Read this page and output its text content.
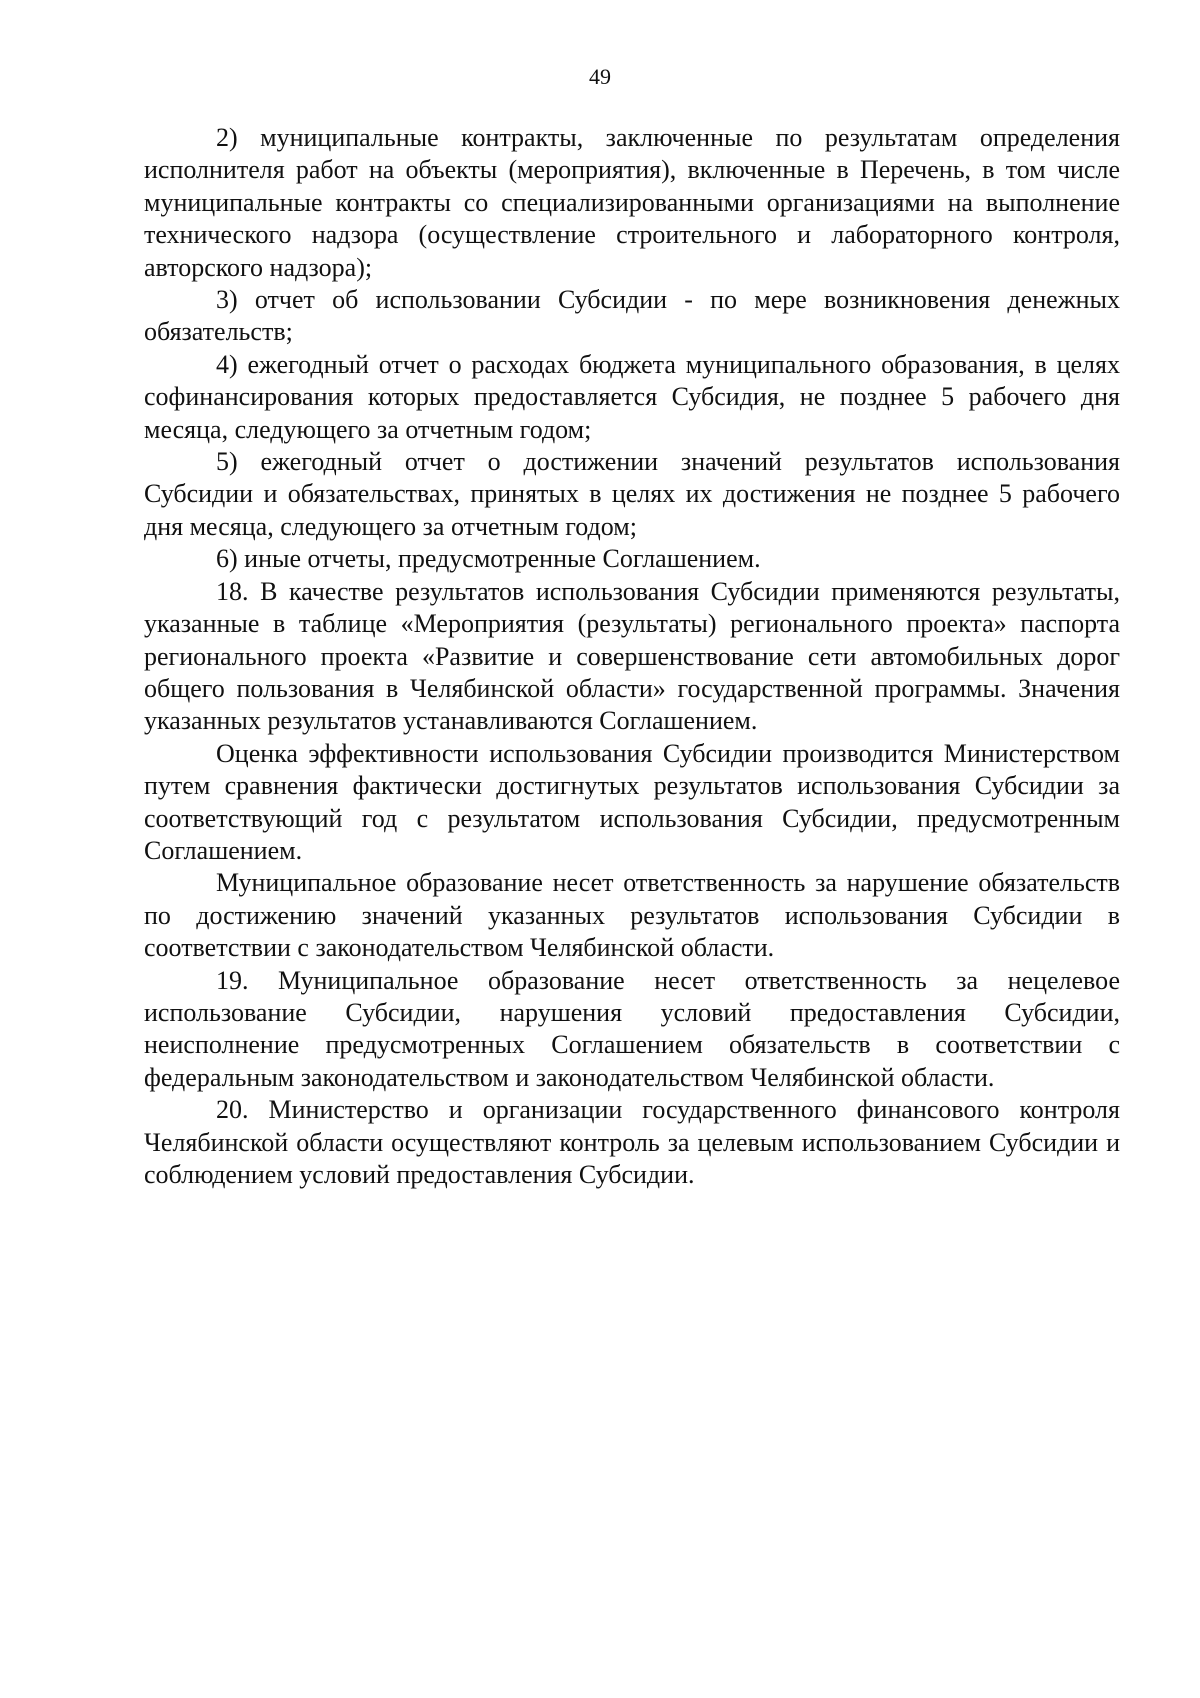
49

2) муниципальные контракты, заключенные по результатам определения исполнителя работ на объекты (мероприятия), включенные в Перечень, в том числе муниципальные контракты со специализированными организациями на выполнение технического надзора (осуществление строительного и лабораторного контроля, авторского надзора);

3) отчет об использовании Субсидии - по мере возникновения денежных обязательств;

4) ежегодный отчет о расходах бюджета муниципального образования, в целях софинансирования которых предоставляется Субсидия, не позднее 5 рабочего дня месяца, следующего за отчетным годом;

5) ежегодный отчет о достижении значений результатов использования Субсидии и обязательствах, принятых в целях их достижения не позднее 5 рабочего дня месяца, следующего за отчетным годом;

6) иные отчеты, предусмотренные Соглашением.

18. В качестве результатов использования Субсидии применяются результаты, указанные в таблице «Мероприятия (результаты) регионального проекта» паспорта регионального проекта «Развитие и совершенствование сети автомобильных дорог общего пользования в Челябинской области» государственной программы. Значения указанных результатов устанавливаются Соглашением.

Оценка эффективности использования Субсидии производится Министерством путем сравнения фактически достигнутых результатов использования Субсидии за соответствующий год с результатом использования Субсидии, предусмотренным Соглашением.

Муниципальное образование несет ответственность за нарушение обязательств по достижению значений указанных результатов использования Субсидии в соответствии с законодательством Челябинской области.

19. Муниципальное образование несет ответственность за нецелевое использование Субсидии, нарушения условий предоставления Субсидии, неисполнение предусмотренных Соглашением обязательств в соответствии с федеральным законодательством и законодательством Челябинской области.

20. Министерство и организации государственного финансового контроля Челябинской области осуществляют контроль за целевым использованием Субсидии и соблюдением условий предоставления Субсидии.
